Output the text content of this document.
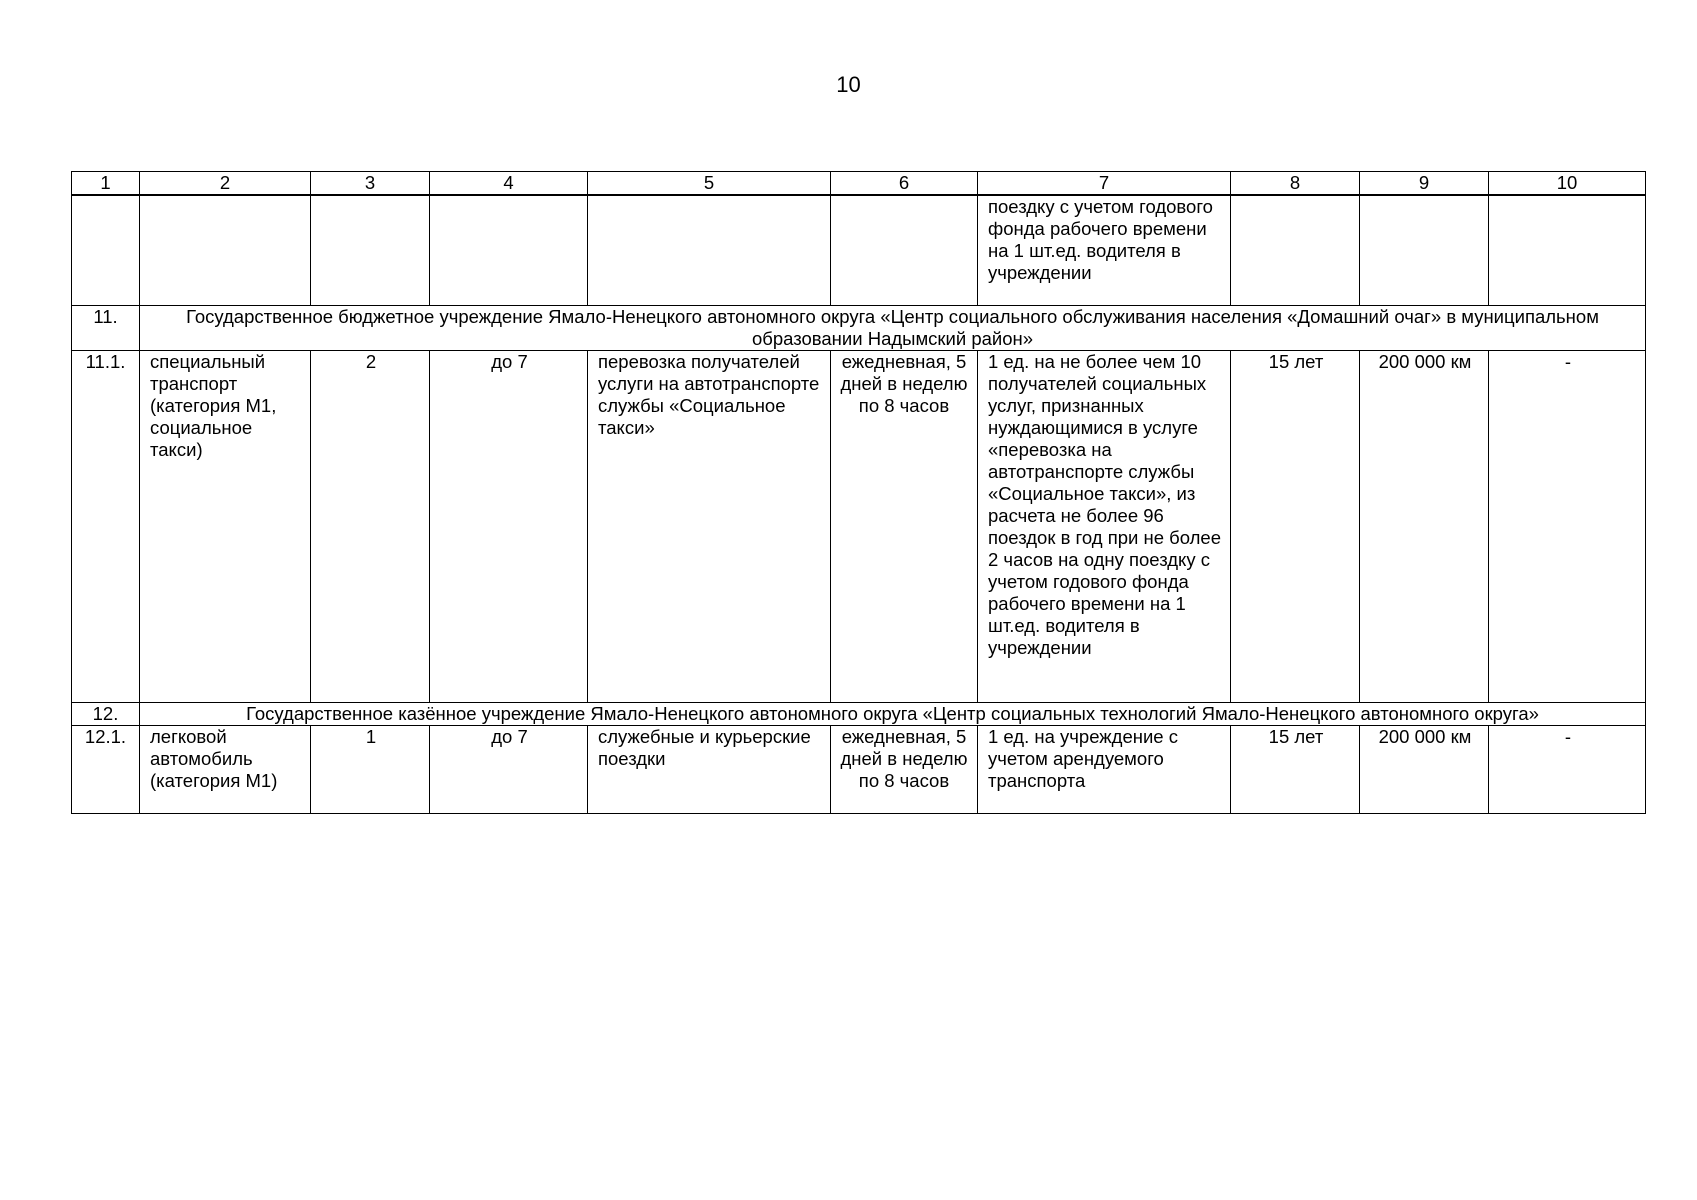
10
1	2	3	4	5	6	7	8	9	10
						поездку с учетом годового фонда рабочего времени на 1 шт.ед. водителя в учреждении			
11.	Государственное бюджетное учреждение Ямало-Ненецкого автономного округа «Центр социального обслуживания населения «Домашний очаг» в муниципальном образовании Надымский район»								
11.1.	специальный транспорт (категория М1, социальное такси)	2	до 7	перевозка получателей услуги на автотранспорте службы «Социальное такси»	ежедневная, 5 дней в неделю по 8 часов	1 ед. на не более чем 10 получателей социальных услуг, признанных нуждающимися в услуге «перевозка на автотранспорте службы «Социальное такси», из расчета не более 96 поездок в год при не более 2 часов на одну поездку с учетом годового фонда рабочего времени на 1 шт.ед. водителя в учреждении	15 лет	200 000 км	-
12.	Государственное казённое учреждение Ямало-Ненецкого автономного округа «Центр социальных технологий Ямало-Ненецкого автономного округа»								
12.1.	легковой автомобиль (категория М1)	1	до 7	служебные и курьерские поездки	ежедневная, 5 дней в неделю по 8 часов	1 ед. на учреждение с учетом арендуемого транспорта	15 лет	200 000 км	-
